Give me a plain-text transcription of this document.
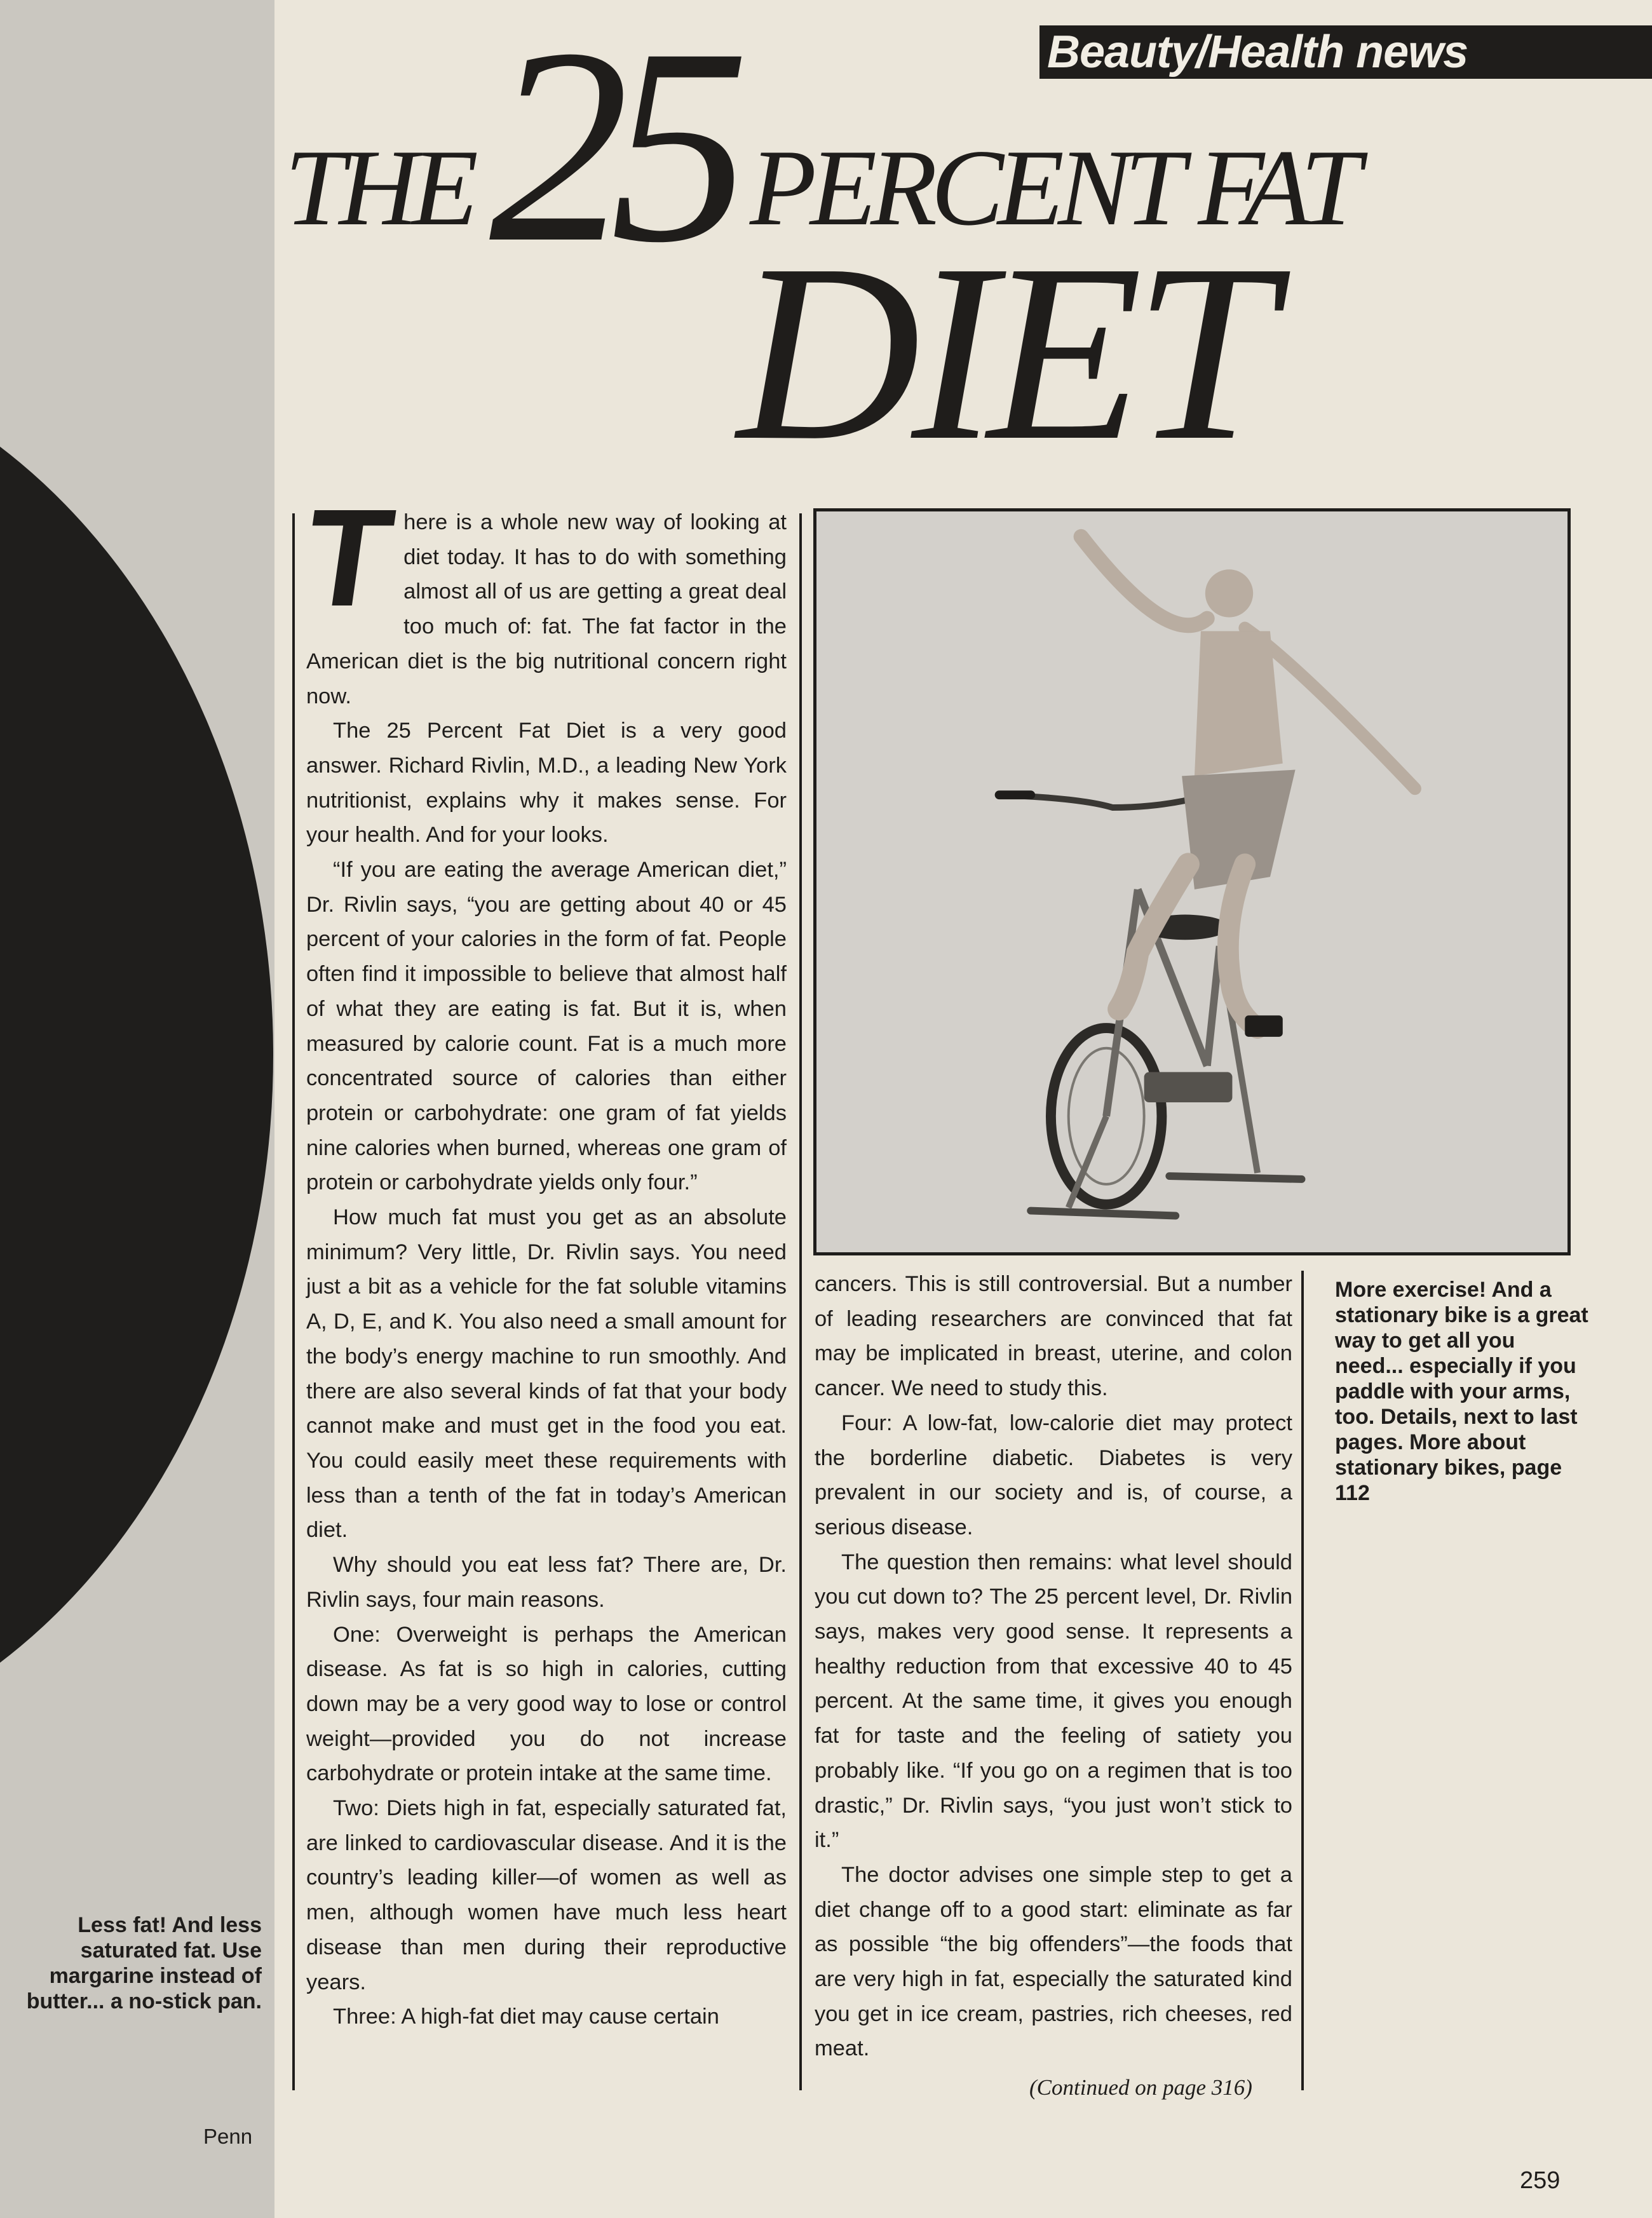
Beauty/Health news
THE 25 PERCENT FAT
DIET

There is a whole new way of looking at diet today. It has to do with something almost all of us are getting a great deal too much of: fat. The fat factor in the American diet is the big nutritional concern right now.

The 25 Percent Fat Diet is a very good answer. Richard Rivlin, M.D., a leading New York nutritionist, explains why it makes sense. For your health. And for your looks.

“If you are eating the average American diet,” Dr. Rivlin says, “you are getting about 40 or 45 percent of your calories in the form of fat. People often find it impossible to believe that almost half of what they are eating is fat. But it is, when measured by calorie count. Fat is a much more concentrated source of calories than either protein or carbohydrate: one gram of fat yields nine calories when burned, whereas one gram of protein or carbohydrate yields only four.”

How much fat must you get as an absolute minimum? Very little, Dr. Rivlin says. You need just a bit as a vehicle for the fat soluble vitamins A, D, E, and K. You also need a small amount for the body’s energy machine to run smoothly. And there are also several kinds of fat that your body cannot make and must get in the food you eat. You could easily meet these requirements with less than a tenth of the fat in today’s American diet.

Why should you eat less fat? There are, Dr. Rivlin says, four main reasons.

One: Overweight is perhaps the American disease. As fat is so high in calories, cutting down may be a very good way to lose or control weight—provided you do not increase carbohydrate or protein intake at the same time.

Two: Diets high in fat, especially saturated fat, are linked to cardiovascular disease. And it is the country’s leading killer—of women as well as men, although women have much less heart disease than men during their reproductive years.

Three: A high-fat diet may cause certain

cancers. This is still controversial. But a number of leading researchers are convinced that fat may be implicated in breast, uterine, and colon cancer. We need to study this.

Four: A low-fat, low-calorie diet may protect the borderline diabetic. Diabetes is very prevalent in our society and is, of course, a serious disease.

The question then remains: what level should you cut down to? The 25 percent level, Dr. Rivlin says, makes very good sense. It represents a healthy reduction from that excessive 40 to 45 percent. At the same time, it gives you enough fat for taste and the feeling of satiety you probably like. “If you go on a regimen that is too drastic,” Dr. Rivlin says, “you just won’t stick to it.”

The doctor advises one simple step to get a diet change off to a good start: eliminate as far as possible “the big offenders”—the foods that are very high in fat, especially the saturated kind you get in ice cream, pastries, rich cheeses, red meat.

(Continued on page 316)
More exercise! And a stationary bike is a great way to get all you need... especially if you paddle with your arms, too. Details, next to last pages. More about stationary bikes, page 112
Less fat! And less saturated fat. Use margarine instead of butter... a no-stick pan.
Penn
259
